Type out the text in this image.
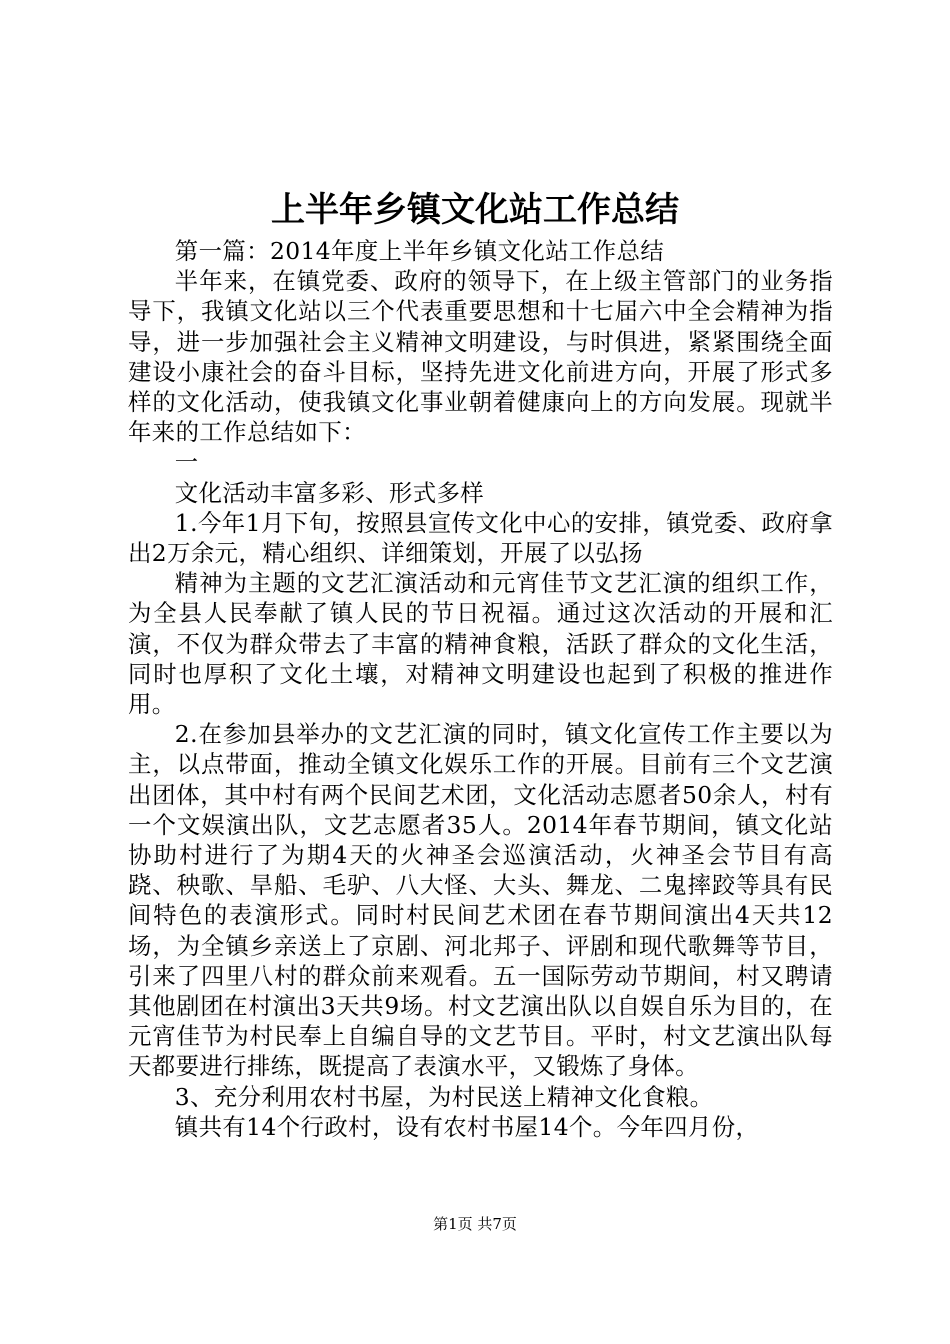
上半年乡镇文化站工作总结

第一篇：2014年度上半年乡镇文化站工作总结

半年来，在镇党委、政府的领导下，在上级主管部门的业务指导下，我镇文化站以三个代表重要思想和十七届六中全会精神为指导，进一步加强社会主义精神文明建设，与时俱进，紧紧围绕全面建设小康社会的奋斗目标，坚持先进文化前进方向，开展了形式多样的文化活动，使我镇文化事业朝着健康向上的方向发展。现就半年来的工作总结如下：

一

文化活动丰富多彩、形式多样

1.今年1月下旬，按照县宣传文化中心的安排，镇党委、政府拿出2万余元，精心组织、详细策划，开展了以弘扬

精神为主题的文艺汇演活动和元宵佳节文艺汇演的组织工作，为全县人民奉献了镇人民的节日祝福。通过这次活动的开展和汇演，不仅为群众带去了丰富的精神食粮，活跃了群众的文化生活，同时也厚积了文化土壤，对精神文明建设也起到了积极的推进作用。

2.在参加县举办的文艺汇演的同时，镇文化宣传工作主要以为主，以点带面，推动全镇文化娱乐工作的开展。目前有三个文艺演出团体，其中村有两个民间艺术团，文化活动志愿者50余人，村有一个文娱演出队，文艺志愿者35人。2014年春节期间，镇文化站协助村进行了为期4天的火神圣会巡演活动，火神圣会节目有高跷、秧歌、旱船、毛驴、八大怪、大头、舞龙、二鬼摔跤等具有民间特色的表演形式。同时村民间艺术团在春节期间演出4天共12场，为全镇乡亲送上了京剧、河北邦子、评剧和现代歌舞等节目，引来了四里八村的群众前来观看。五一国际劳动节期间，村又聘请其他剧团在村演出3天共9场。村文艺演出队以自娱自乐为目的，在元宵佳节为村民奉上自编自导的文艺节目。平时，村文艺演出队每天都要进行排练，既提高了表演水平，又锻炼了身体。

3、充分利用农村书屋，为村民送上精神文化食粮。

镇共有14个行政村，设有农村书屋14个。今年四月份，

第1页 共7页
